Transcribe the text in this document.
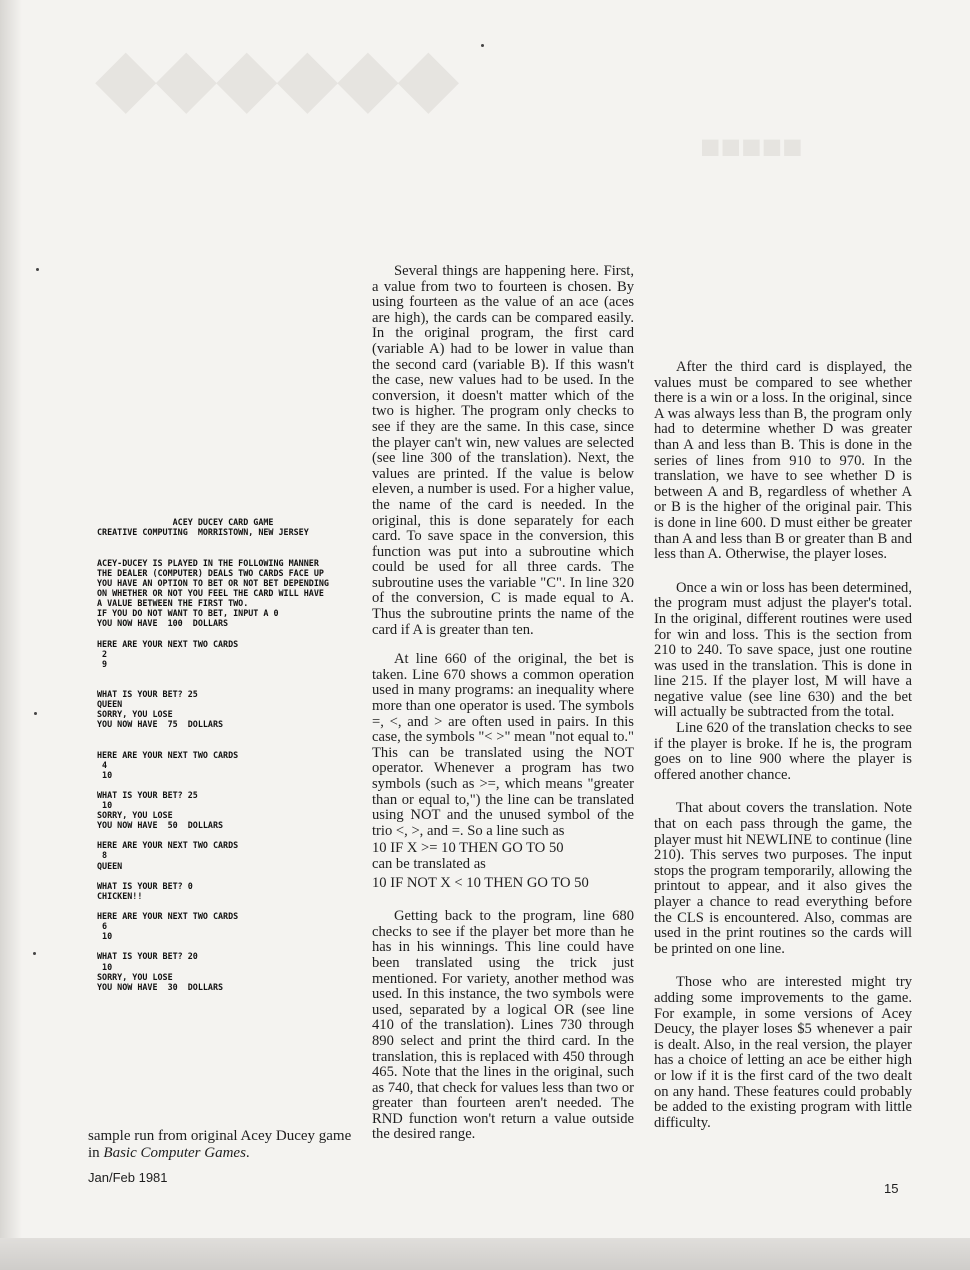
◆◆◆◆◆◆
■■■■■
ACEY DUCEY CARD GAME
CREATIVE COMPUTING  MORRISTOWN, NEW JERSEY
ACEY-DUCEY IS PLAYED IN THE FOLLOWING MANNER
THE DEALER (COMPUTER) DEALS TWO CARDS FACE UP
YOU HAVE AN OPTION TO BET OR NOT BET DEPENDING
ON WHETHER OR NOT YOU FEEL THE CARD WILL HAVE
A VALUE BETWEEN THE FIRST TWO.
IF YOU DO NOT WANT TO BET, INPUT A 0
YOU NOW HAVE  100  DOLLARS
HERE ARE YOUR NEXT TWO CARDS
2
9
WHAT IS YOUR BET? 25
QUEEN
SORRY, YOU LOSE
YOU NOW HAVE  75  DOLLARS
HERE ARE YOUR NEXT TWO CARDS
4
10
WHAT IS YOUR BET? 25
10
SORRY, YOU LOSE
YOU NOW HAVE  50  DOLLARS
HERE ARE YOUR NEXT TWO CARDS
8
QUEEN
WHAT IS YOUR BET? 0
CHICKEN!!
HERE ARE YOUR NEXT TWO CARDS
6
10
WHAT IS YOUR BET? 20
10
SORRY, YOU LOSE
YOU NOW HAVE  30  DOLLARS

Several things are happening here. First, a value from two to fourteen is chosen. By using fourteen as the value of an ace (aces are high), the cards can be compared easily. In the original program, the first card (variable A) had to be lower in value than the second card (variable B). If this wasn't the case, new values had to be used. In the conversion, it doesn't matter which of the two is higher. The program only checks to see if they are the same. In this case, since the player can't win, new values are selected (see line 300 of the translation). Next, the values are printed. If the value is below eleven, a number is used. For a higher value, the name of the card is needed. In the original, this is done separately for each card. To save space in the conversion, this function was put into a subroutine which could be used for all three cards. The subroutine uses the variable "C". In line 320 of the conversion, C is made equal to A. Thus the subroutine prints the name of the card if A is greater than ten.

At line 660 of the original, the bet is taken. Line 670 shows a common operation used in many programs: an inequality where more than one operator is used. The symbols =, <, and > are often used in pairs. In this case, the symbols "< >" mean "not equal to." This can be translated using the NOT operator. Whenever a program has two symbols (such as >=, which means "greater than or equal to,") the line can be translated using NOT and the unused symbol of the trio <, >, and =. So a line such as

10 IF X >= 10 THEN GO TO 50

can be translated as

10 IF NOT X < 10 THEN GO TO 50

Getting back to the program, line 680 checks to see if the player bet more than he has in his winnings. This line could have been translated using the trick just mentioned. For variety, another method was used. In this instance, the two symbols were used, separated by a logical OR (see line 410 of the translation). Lines 730 through 890 select and print the third card. In the translation, this is replaced with 450 through 465. Note that the lines in the original, such as 740, that check for values less than two or greater than fourteen aren't needed. The RND function won't return a value outside the desired range.

After the third card is displayed, the values must be compared to see whether there is a win or a loss. In the original, since A was always less than B, the program only had to determine whether D was greater than A and less than B. This is done in the series of lines from 910 to 970. In the translation, we have to see whether D is between A and B, regardless of whether A or B is the higher of the original pair. This is done in line 600. D must either be greater than A and less than B or greater than B and less than A. Otherwise, the player loses.

Once a win or loss has been determined, the program must adjust the player's total. In the original, different routines were used for win and loss. This is the section from 210 to 240. To save space, just one routine was used in the translation. This is done in line 215. If the player lost, M will have a negative value (see line 630) and the bet will actually be subtracted from the total.

Line 620 of the translation checks to see if the player is broke. If he is, the program goes on to line 900 where the player is offered another chance.

That about covers the translation. Note that on each pass through the game, the player must hit NEWLINE to continue (line 210). This serves two purposes. The input stops the program temporarily, allowing the printout to appear, and it also gives the player a chance to read everything before the CLS is encountered. Also, commas are used in the print routines so the cards will be printed on one line.

Those who are interested might try adding some improvements to the game. For example, in some versions of Acey Deucy, the player loses $5 whenever a pair is dealt. Also, in the real version, the player has a choice of letting an ace be either high or low if it is the first card of the two dealt on any hand. These features could probably be added to the existing program with little difficulty.

sample run from original Acey Ducey game in Basic Computer Games.
Jan/Feb 1981
15
